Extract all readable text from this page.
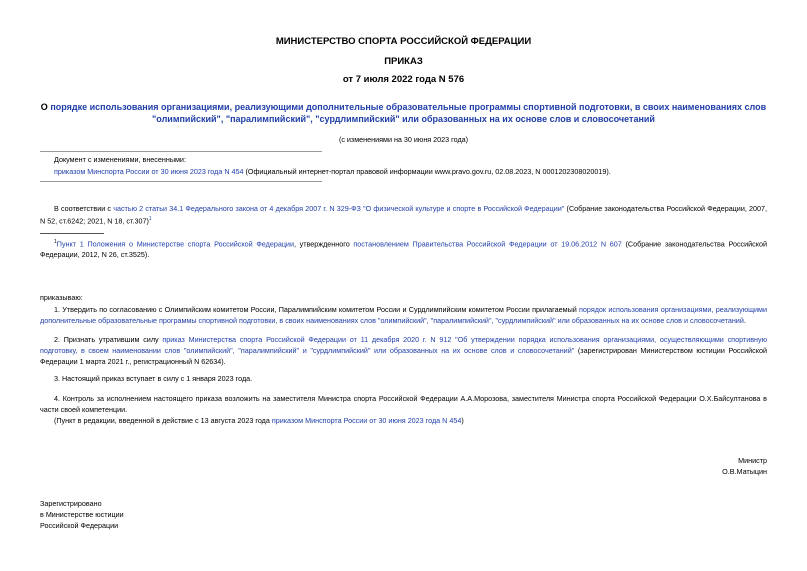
МИНИСТЕРСТВО СПОРТА РОССИЙСКОЙ ФЕДЕРАЦИИ
ПРИКАЗ
от 7 июля 2022 года N 576
О порядке использования организациями, реализующими дополнительные образовательные программы спортивной подготовки, в своих наименованиях слов "олимпийский", "паралимпийский", "сурдлимпийский" или образованных на их основе слов и словосочетаний
(с изменениями на 30 июня 2023 года)
Документ с изменениями, внесенными:
приказом Минспорта России от 30 июня 2023 года N 454 (Официальный интернет-портал правовой информации www.pravo.gov.ru, 02.08.2023, N 0001202308020019).
В соответствии с частью 2 статьи 34.1 Федерального закона от 4 декабря 2007 г. N 329-ФЗ "О физической культуре и спорте в Российской Федерации" (Собрание законодательства Российской Федерации, 2007, N 52, ст.6242; 2021, N 18, ст.307)$^1$
$^1$Пункт 1 Положения о Министерстве спорта Российской Федерации, утвержденного постановлением Правительства Российской Федерации от 19.06.2012 N 607 (Собрание законодательства Российской Федерации, 2012, N 26, ст.3525).
приказываю:
1. Утвердить по согласованию с Олимпийским комитетом России, Паралимпийским комитетом России и Сурдлимпийским комитетом России прилагаемый порядок использования организациями, реализующими дополнительные образовательные программы спортивной подготовки, в своих наименованиях слов "олимпийский", "паралимпийский", "сурдлимпийский" или образованных на их основе слов и словосочетаний.
2. Признать утратившим силу приказ Министерства спорта Российской Федерации от 11 декабря 2020 г. N 912 "Об утверждении порядка использования организациями, осуществляющими спортивную подготовку, в своем наименовании слов "олимпийский", "паралимпийский" и "сурдлимпийский" или образованных на их основе слов и словосочетаний" (зарегистрирован Министерством юстиции Российской Федерации 1 марта 2021 г., регистрационный N 62634).
3. Настоящий приказ вступает в силу с 1 января 2023 года.
4. Контроль за исполнением настоящего приказа возложить на заместителя Министра спорта Российской Федерации А.А.Морозова, заместителя Министра спорта Российской Федерации О.Х.Байсултанова в части своей компетенции.
(Пункт в редакции, введенной в действие с 13 августа 2023 года приказом Минспорта России от 30 июня 2023 года N 454)
Министр
О.В.Матыцин
Зарегистрировано
в Министерстве юстиции
Российской Федерации
